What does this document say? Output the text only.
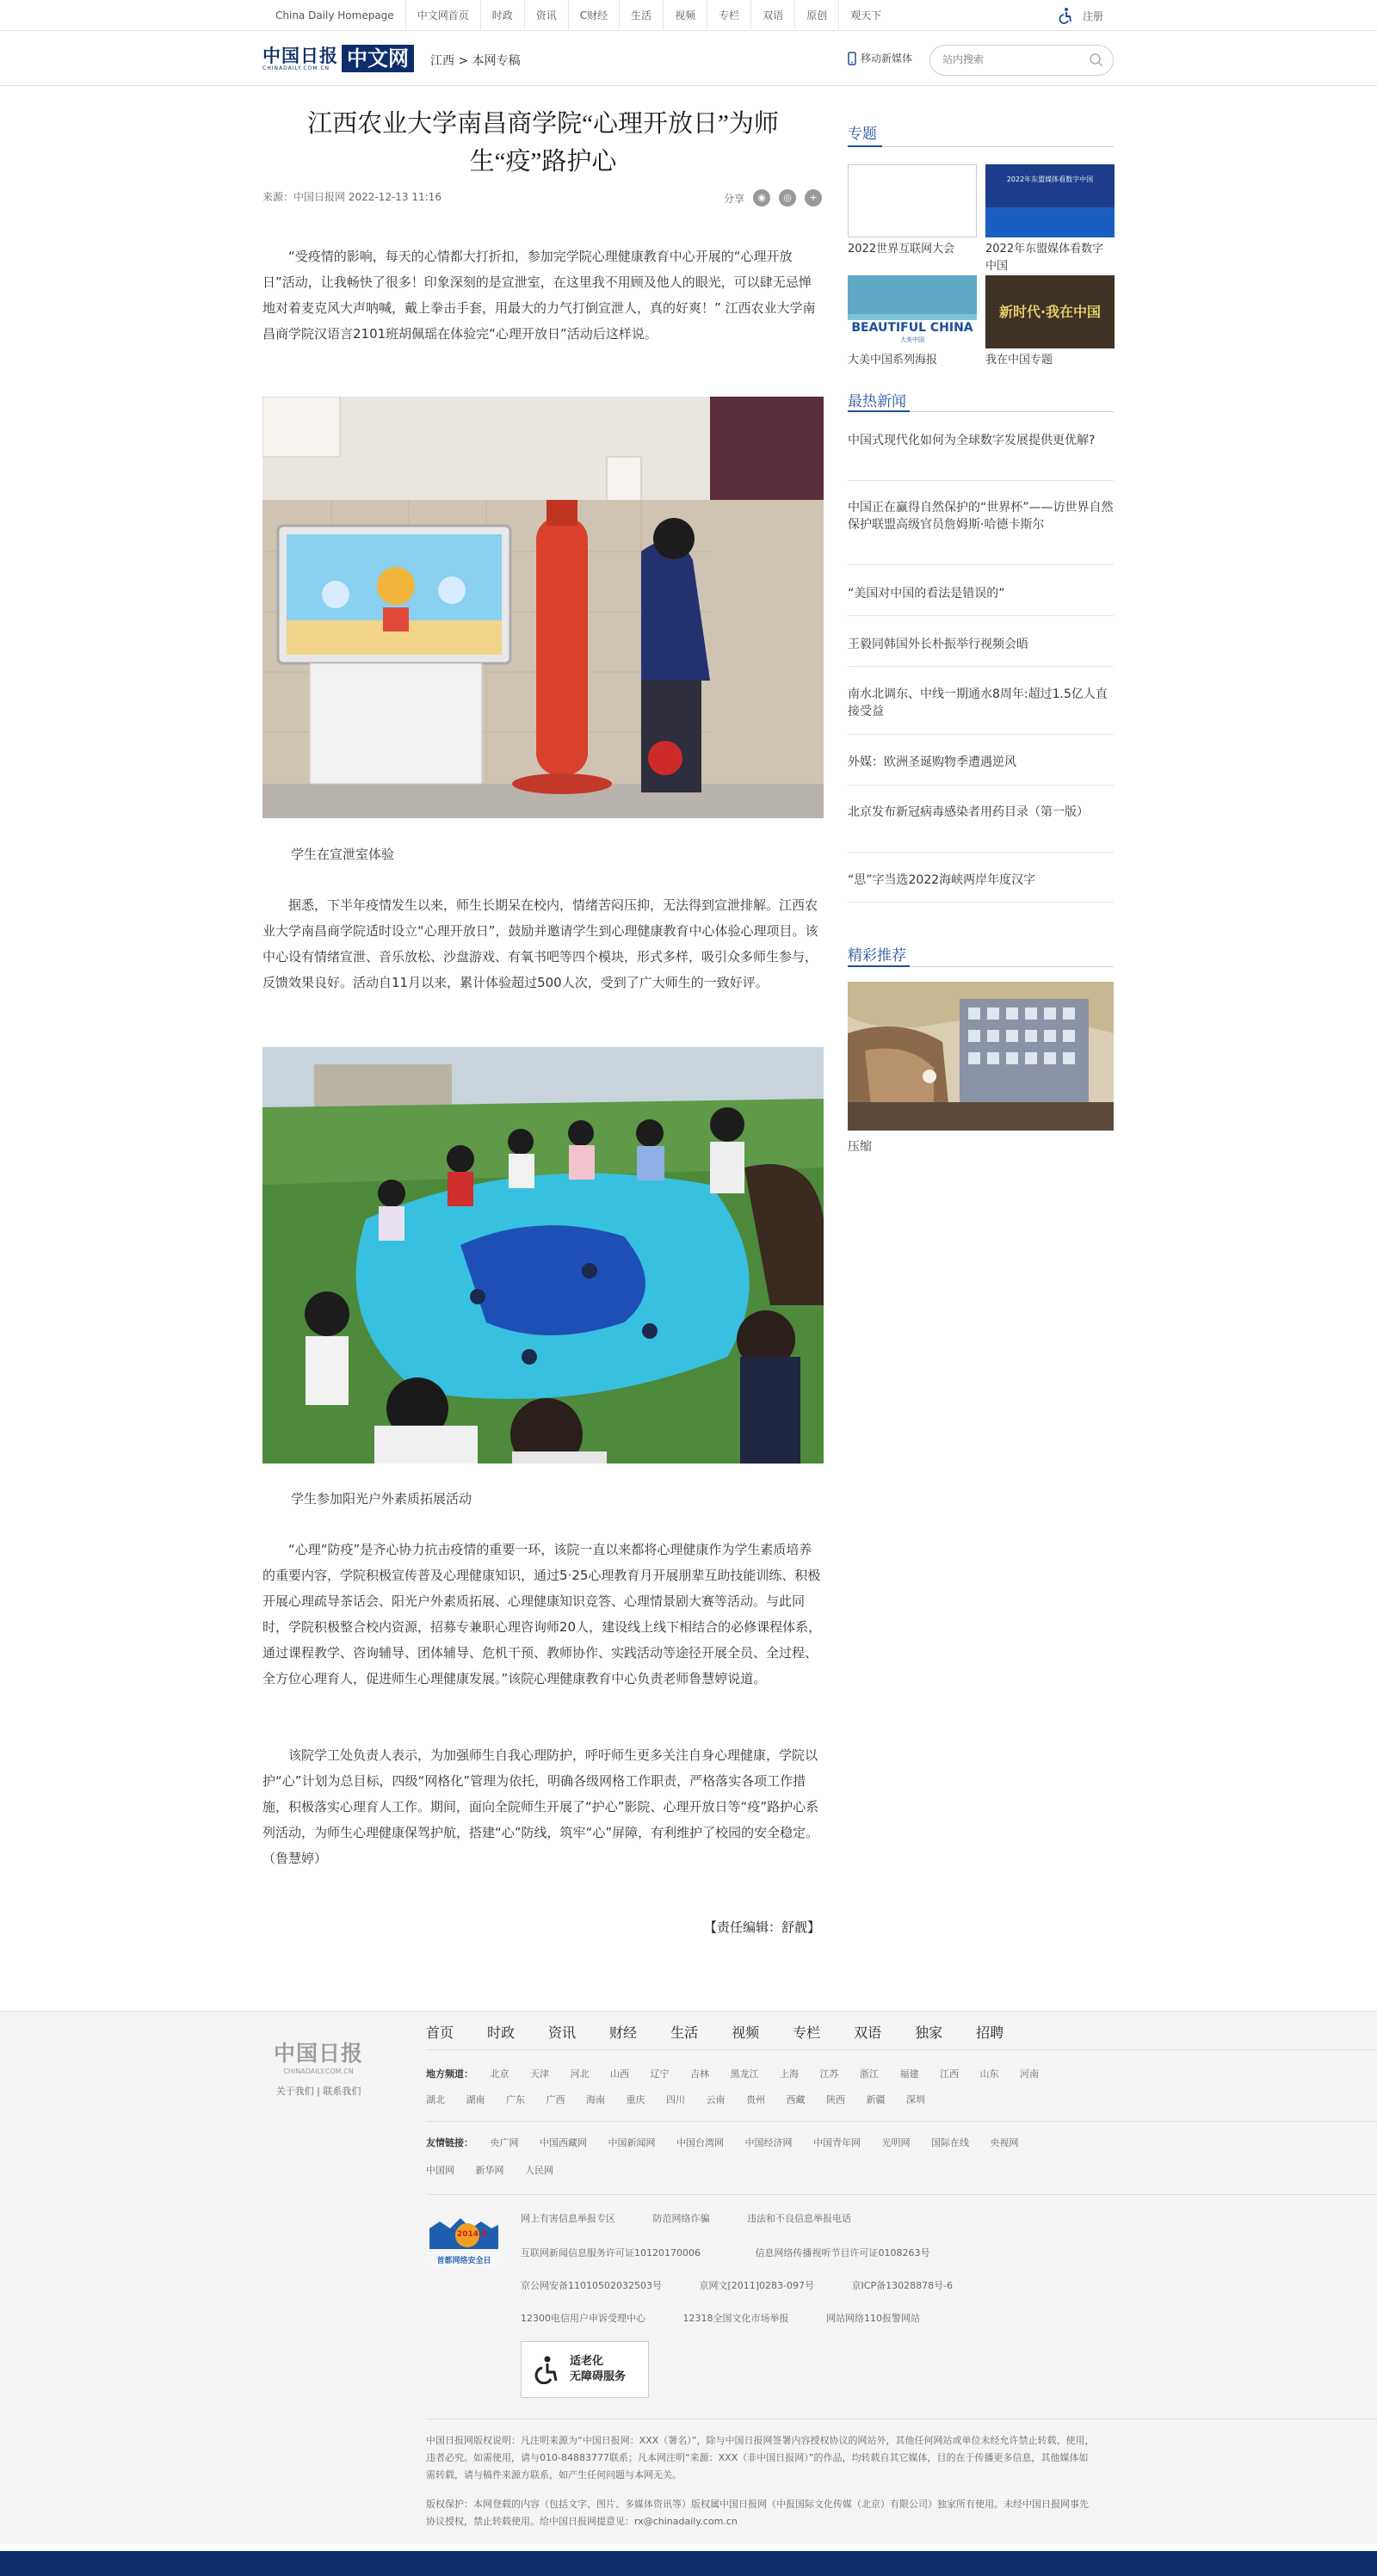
China Daily Homepage	中文网首页	时政	资讯	C财经	生活	视频	专栏	双语	原创	观天下	注册
中国日报
CHINADAILY.COM.CN 中文网	江西 > 本网专稿	移动新媒体
站内搜索
江西农业大学南昌商学院“心理开放日”为师
生“疫”路护心
来源：中国日报网 2022-12-13 11:16	分享	◉	◎	+
“受疫情的影响，每天的心情都大打折扣，参加完学院心理健康教育中心开展的“心理开放日”活动，让我畅快了很多！印象深刻的是宣泄室，在这里我不用顾及他人的眼光，可以肆无忌惮地对着麦克风大声呐喊，戴上拳击手套，用最大的力气打倒宣泄人，真的好爽！” 江西农业大学南昌商学院汉语言2101班胡佩瑶在体验完“心理开放日”活动后这样说。
学生在宣泄室体验
据悉，下半年疫情发生以来，师生长期呆在校内，情绪苦闷压抑，无法得到宣泄排解。江西农业大学南昌商学院适时设立“心理开放日”，鼓励并邀请学生到心理健康教育中心体验心理项目。该中心设有情绪宣泄、音乐放松、沙盘游戏、有氧书吧等四个模块，形式多样，吸引众多师生参与，反馈效果良好。活动自11月以来，累计体验超过500人次，受到了广大师生的一致好评。
学生参加阳光户外素质拓展活动
“心理“防疫”是齐心协力抗击疫情的重要一环，该院一直以来都将心理健康作为学生素质培养的重要内容，学院积极宣传普及心理健康知识，通过5·25心理教育月开展朋辈互助技能训练、积极开展心理疏导茶话会、阳光户外素质拓展、心理健康知识竞答、心理情景剧大赛等活动。与此同时，学院积极整合校内资源，招募专兼职心理咨询师20人，建设线上线下相结合的必修课程体系，通过课程教学、咨询辅导、团体辅导、危机干预、教师协作、实践活动等途径开展全员、全过程、全方位心理育人，促进师生心理健康发展。”该院心理健康教育中心负责老师鲁慧婷说道。
该院学工处负责人表示，为加强师生自我心理防护，呼吁师生更多关注自身心理健康，学院以护“心”计划为总目标，四级“网格化”管理为依托，明确各级网格工作职责，严格落实各项工作措施，积极落实心理育人工作。期间，面向全院师生开展了“护心”影院、心理开放日等“疫”路护心系列活动，为师生心理健康保驾护航，搭建“心”防线，筑牢“心”屏障，有利维护了校园的安全稳定。（鲁慧婷）
【责任编辑：舒靓】
专题
2022世界互联网大会
2022年东盟媒体看数字中国
2022年东盟媒体看数字中国
BEAUTIFUL CHINA
大美中国
大美中国系列海报
新时代·我在中国
我在中国专题
最热新闻
中国式现代化如何为全球数字发展提供更优解?
中国正在赢得自然保护的“世界杯”——访世界自然保护联盟高级官员詹姆斯·哈德卡斯尔
“美国对中国的看法是错误的”
王毅同韩国外长朴振举行视频会晤
南水北调东、中线一期通水8周年:超过1.5亿人直接受益
外媒：欧洲圣诞购物季遭遇逆风
北京发布新冠病毒感染者用药目录（第一版）
“思”字当选2022海峡两岸年度汉字
精彩推荐
压缩
首页 时政 资讯 财经 生活 视频 专栏 双语 独家 招聘
中国日报
CHINADAILY.COM.CN
关于我们 | 联系我们
地方频道： 北京 天津 河北 山西 辽宁 吉林 黑龙江 上海 江苏 浙江 福建 江西 山东 河南
湖北 湖南 广东 广西 海南 重庆 四川 云南 贵州 西藏 陕西 新疆 深圳
友情链接： 央广网 中国西藏网 中国新闻网 中国台湾网 中国经济网 中国青年网 光明网 国际在线 央视网
中国网 新华网 人民网
2014.8
首都网络安全日
网上有害信息举报专区	防范网络诈骗	违法和不良信息举报电话
互联网新闻信息服务许可证10120170006	信息网络传播视听节目许可证0108263号
京公网安备11010502032503号	京网文[2011]0283-097号	京ICP备13028878号-6
12300电信用户申诉受理中心	12318全国文化市场举报	网站网络110报警网站
适老化
无障碍服务
中国日报网版权说明：凡注明来源为“中国日报网：XXX（署名）”，除与中国日报网签署内容授权协议的网站外，其他任何网站或单位未经允许禁止转载、使用，违者必究。如需使用，请与010-84883777联系；凡本网注明“来源：XXX（非中国日报网）”的作品，均转载自其它媒体，目的在于传播更多信息，其他媒体如需转载，请与稿件来源方联系，如产生任何问题与本网无关。
版权保护：本网登载的内容（包括文字、图片、多媒体资讯等）版权属中国日报网（中报国际文化传媒（北京）有限公司）独家所有使用。未经中国日报网事先协议授权，禁止转载使用。给中国日报网提意见：rx@chinadaily.com.cn
